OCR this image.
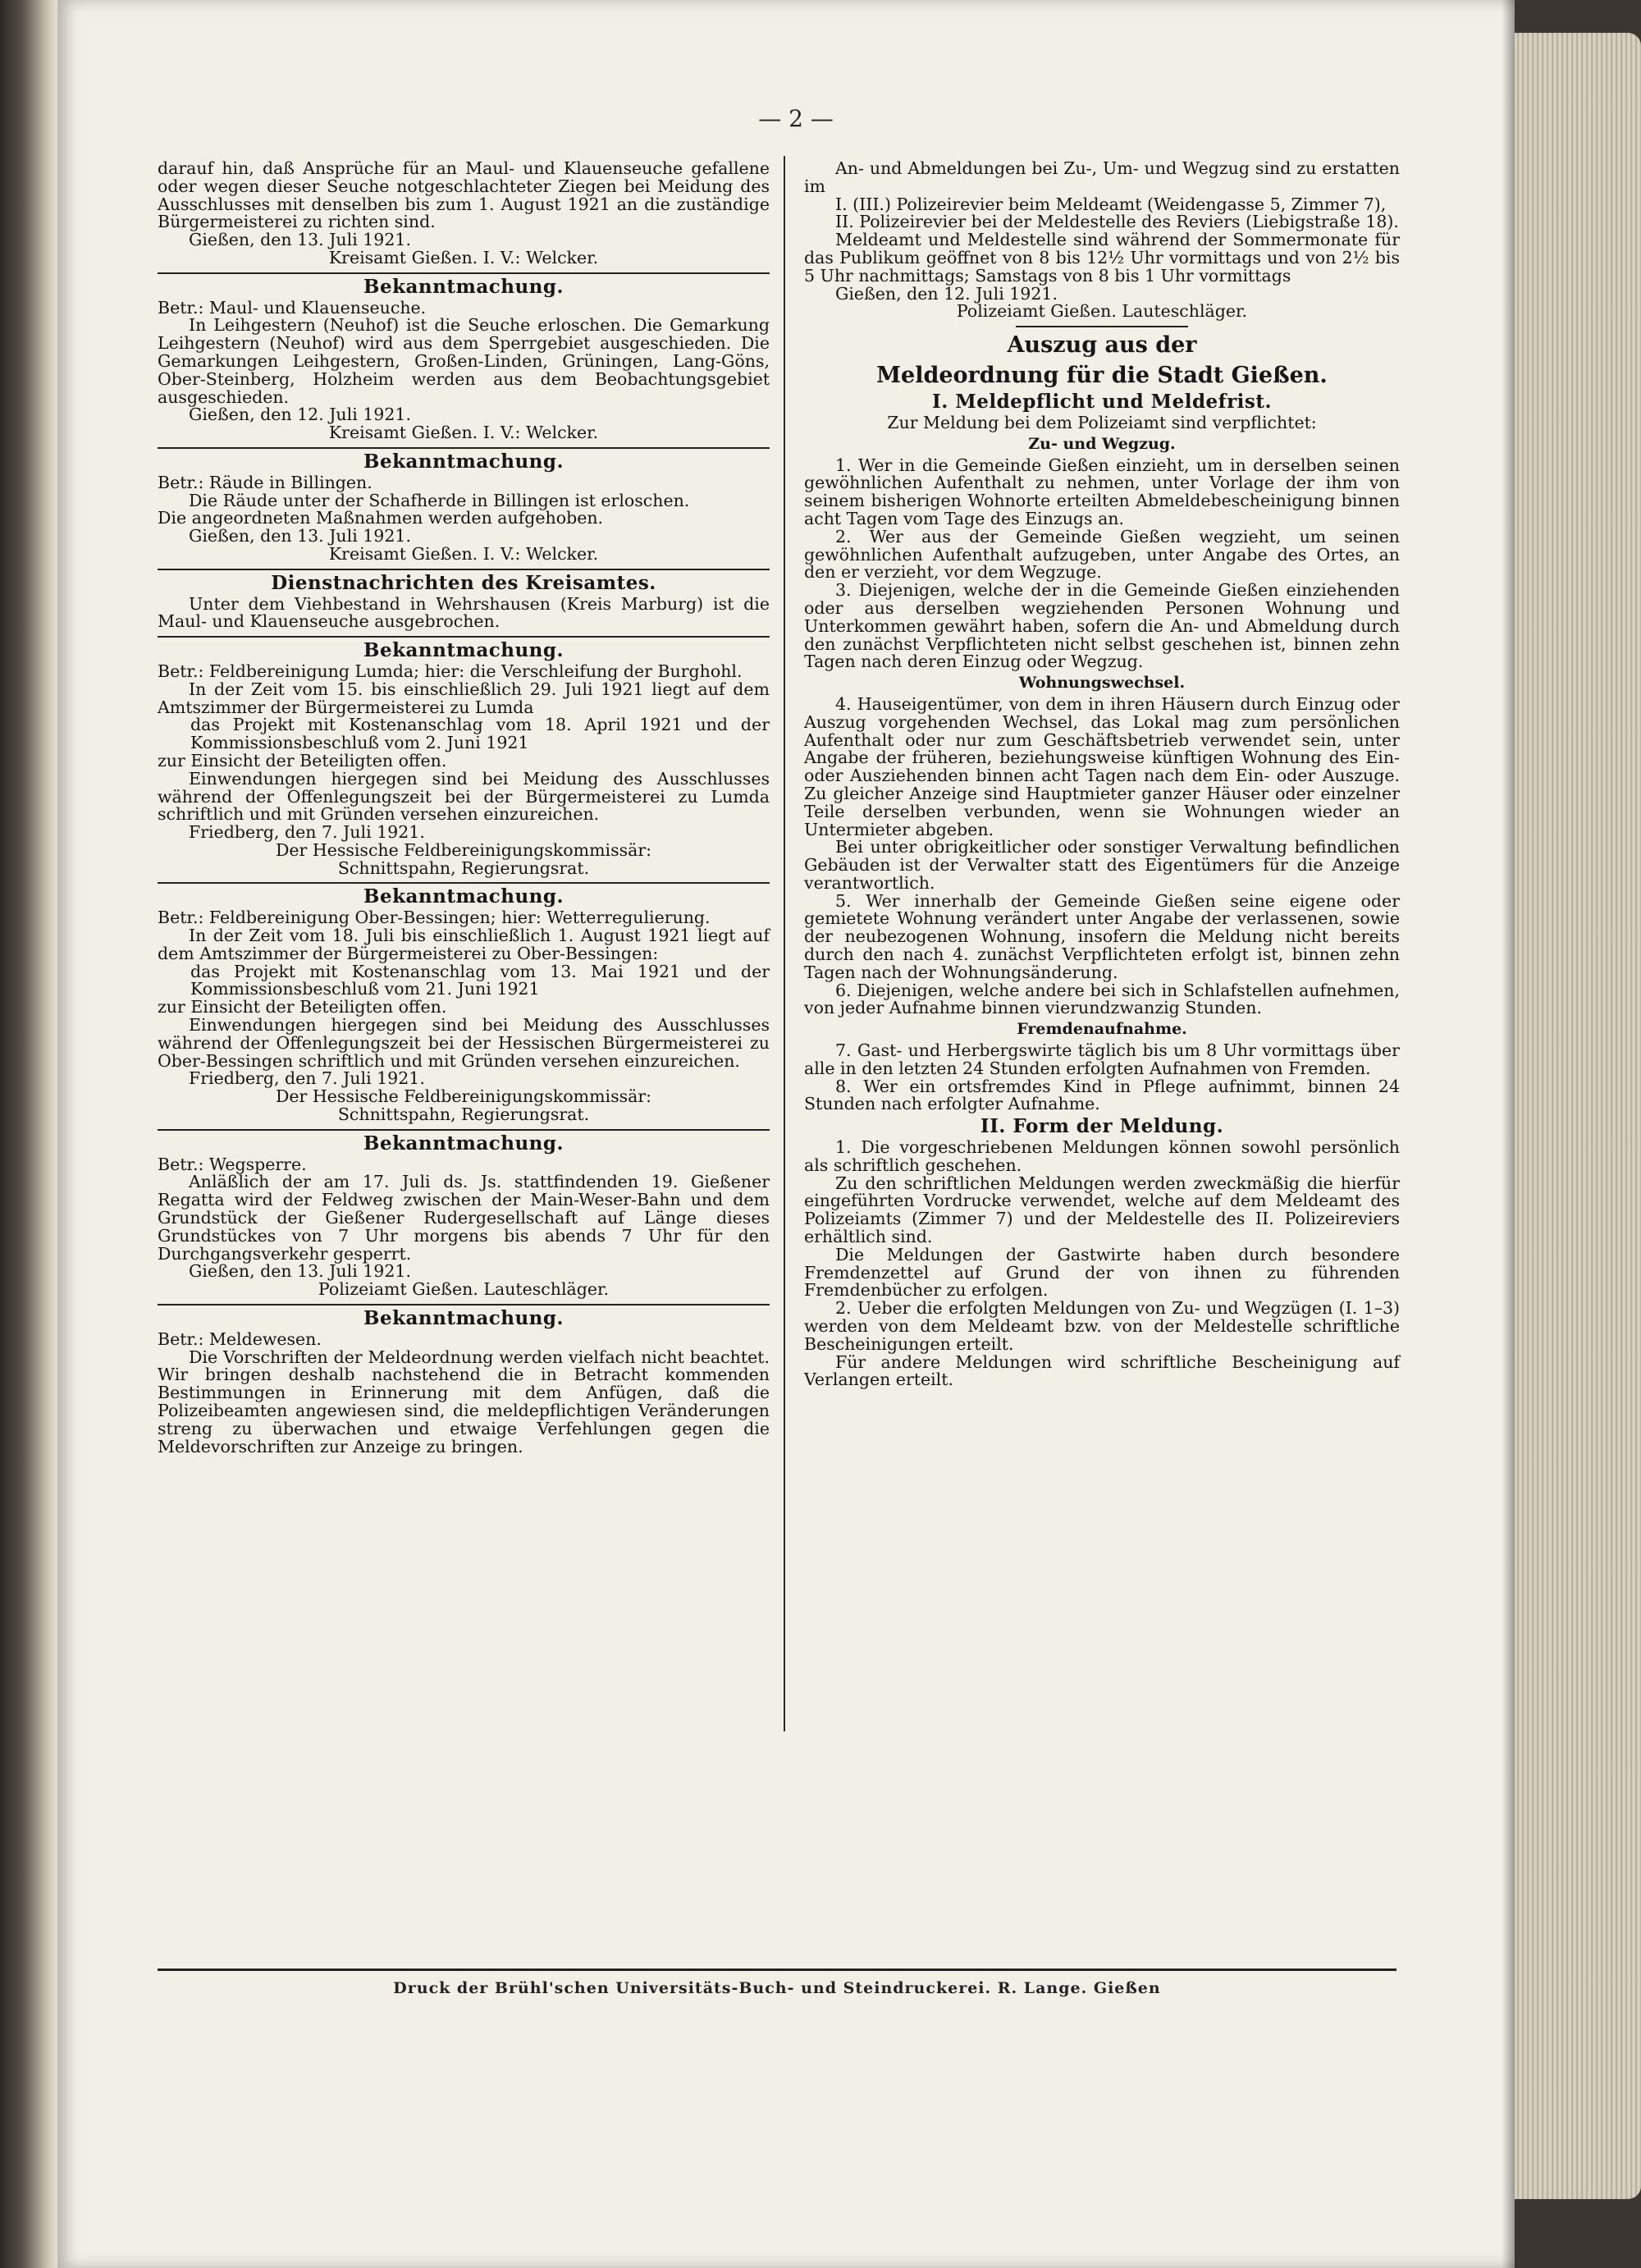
— 2 —

darauf hin, daß Ansprüche für an Maul- und Klauenseuche gefallene oder wegen dieser Seuche notgeschlachteter Ziegen bei Meidung des Ausschlusses mit denselben bis zum 1. August 1921 an die zuständige Bürgermeisterei zu richten sind.

Gießen, den 13. Juli 1921.

Kreisamt Gießen. I. V.: Welcker.

Bekanntmachung.

Betr.: Maul- und Klauenseuche.

In Leihgestern (Neuhof) ist die Seuche erloschen. Die Gemarkung Leihgestern (Neuhof) wird aus dem Sperrgebiet ausgeschieden. Die Gemarkungen Leihgestern, Großen-Linden, Grüningen, Lang-Göns, Ober-Steinberg, Holzheim werden aus dem Beobachtungsgebiet ausgeschieden.

Gießen, den 12. Juli 1921.

Kreisamt Gießen. I. V.: Welcker.

Bekanntmachung.

Betr.: Räude in Billingen.

Die Räude unter der Schafherde in Billingen ist erloschen.

Die angeordneten Maßnahmen werden aufgehoben.

Gießen, den 13. Juli 1921.

Kreisamt Gießen. I. V.: Welcker.

Dienstnachrichten des Kreisamtes.

Unter dem Viehbestand in Wehrshausen (Kreis Marburg) ist die Maul- und Klauenseuche ausgebrochen.

Bekanntmachung.

Betr.: Feldbereinigung Lumda; hier: die Verschleifung der Burghohl.

In der Zeit vom 15. bis einschließlich 29. Juli 1921 liegt auf dem Amtszimmer der Bürgermeisterei zu Lumda

das Projekt mit Kostenanschlag vom 18. April 1921 und der Kommissionsbeschluß vom 2. Juni 1921

zur Einsicht der Beteiligten offen.

Einwendungen hiergegen sind bei Meidung des Ausschlusses während der Offenlegungszeit bei der Bürgermeisterei zu Lumda schriftlich und mit Gründen versehen einzureichen.

Friedberg, den 7. Juli 1921.

Der Hessische Feldbereinigungskommissär:

Schnittspahn, Regierungsrat.

Bekanntmachung.

Betr.: Feldbereinigung Ober-Bessingen; hier: Wetterregulierung.

In der Zeit vom 18. Juli bis einschließlich 1. August 1921 liegt auf dem Amtszimmer der Bürgermeisterei zu Ober-Bessingen:

das Projekt mit Kostenanschlag vom 13. Mai 1921 und der Kommissionsbeschluß vom 21. Juni 1921

zur Einsicht der Beteiligten offen.

Einwendungen hiergegen sind bei Meidung des Ausschlusses während der Offenlegungszeit bei der Hessischen Bürgermeisterei zu Ober-Bessingen schriftlich und mit Gründen versehen einzureichen.

Friedberg, den 7. Juli 1921.

Der Hessische Feldbereinigungskommissär:

Schnittspahn, Regierungsrat.

Bekanntmachung.

Betr.: Wegsperre.

Anläßlich der am 17. Juli ds. Js. stattfindenden 19. Gießener Regatta wird der Feldweg zwischen der Main-Weser-Bahn und dem Grundstück der Gießener Rudergesellschaft auf Länge dieses Grundstückes von 7 Uhr morgens bis abends 7 Uhr für den Durchgangsverkehr gesperrt.

Gießen, den 13. Juli 1921.

Polizeiamt Gießen. Lauteschläger.

Bekanntmachung.

Betr.: Meldewesen.

Die Vorschriften der Meldeordnung werden vielfach nicht beachtet. Wir bringen deshalb nachstehend die in Betracht kommenden Bestimmungen in Erinnerung mit dem Anfügen, daß die Polizeibeamten angewiesen sind, die meldepflichtigen Veränderungen streng zu überwachen und etwaige Verfehlungen gegen die Meldevorschriften zur Anzeige zu bringen.

An- und Abmeldungen bei Zu-, Um- und Wegzug sind zu erstatten im

I. (III.) Polizeirevier beim Meldeamt (Weidengasse 5, Zimmer 7),

II. Polizeirevier bei der Meldestelle des Reviers (Liebigstraße 18).

Meldeamt und Meldestelle sind während der Sommermonate für das Publikum geöffnet von 8 bis 12½ Uhr vormittags und von 2½ bis 5 Uhr nachmittags; Samstags von 8 bis 1 Uhr vormittags

Gießen, den 12. Juli 1921.

Polizeiamt Gießen. Lauteschläger.

Auszug aus der
Meldeordnung für die Stadt Gießen.
I. Meldepflicht und Meldefrist.

Zur Meldung bei dem Polizeiamt sind verpflichtet:

Zu- und Wegzug.

1. Wer in die Gemeinde Gießen einzieht, um in derselben seinen gewöhnlichen Aufenthalt zu nehmen, unter Vorlage der ihm von seinem bisherigen Wohnorte erteilten Abmeldebescheinigung binnen acht Tagen vom Tage des Einzugs an.

2. Wer aus der Gemeinde Gießen wegzieht, um seinen gewöhnlichen Aufenthalt aufzugeben, unter Angabe des Ortes, an den er verzieht, vor dem Wegzuge.

3. Diejenigen, welche der in die Gemeinde Gießen einziehenden oder aus derselben wegziehenden Personen Wohnung und Unterkommen gewährt haben, sofern die An- und Abmeldung durch den zunächst Verpflichteten nicht selbst geschehen ist, binnen zehn Tagen nach deren Einzug oder Wegzug.

Wohnungswechsel.

4. Hauseigentümer, von dem in ihren Häusern durch Einzug oder Auszug vorgehenden Wechsel, das Lokal mag zum persönlichen Aufenthalt oder nur zum Geschäftsbetrieb verwendet sein, unter Angabe der früheren, beziehungsweise künftigen Wohnung des Ein- oder Ausziehenden binnen acht Tagen nach dem Ein- oder Auszuge. Zu gleicher Anzeige sind Hauptmieter ganzer Häuser oder einzelner Teile derselben verbunden, wenn sie Wohnungen wieder an Untermieter abgeben.

Bei unter obrigkeitlicher oder sonstiger Verwaltung befindlichen Gebäuden ist der Verwalter statt des Eigentümers für die Anzeige verantwortlich.

5. Wer innerhalb der Gemeinde Gießen seine eigene oder gemietete Wohnung verändert unter Angabe der verlassenen, sowie der neubezogenen Wohnung, insofern die Meldung nicht bereits durch den nach 4. zunächst Verpflichteten erfolgt ist, binnen zehn Tagen nach der Wohnungsänderung.

6. Diejenigen, welche andere bei sich in Schlafstellen aufnehmen, von jeder Aufnahme binnen vierundzwanzig Stunden.

Fremdenaufnahme.

7. Gast- und Herbergswirte täglich bis um 8 Uhr vormittags über alle in den letzten 24 Stunden erfolgten Aufnahmen von Fremden.

8. Wer ein ortsfremdes Kind in Pflege aufnimmt, binnen 24 Stunden nach erfolgter Aufnahme.

II. Form der Meldung.

1. Die vorgeschriebenen Meldungen können sowohl persönlich als schriftlich geschehen.

Zu den schriftlichen Meldungen werden zweckmäßig die hierfür eingeführten Vordrucke verwendet, welche auf dem Meldeamt des Polizeiamts (Zimmer 7) und der Meldestelle des II. Polizeireviers erhältlich sind.

Die Meldungen der Gastwirte haben durch besondere Fremdenzettel auf Grund der von ihnen zu führenden Fremdenbücher zu erfolgen.

2. Ueber die erfolgten Meldungen von Zu- und Wegzügen (I. 1–3) werden von dem Meldeamt bzw. von der Meldestelle schriftliche Bescheinigungen erteilt.

Für andere Meldungen wird schriftliche Bescheinigung auf Verlangen erteilt.

Druck der Brühl'schen Universitäts-Buch- und Steindruckerei. R. Lange. Gießen
